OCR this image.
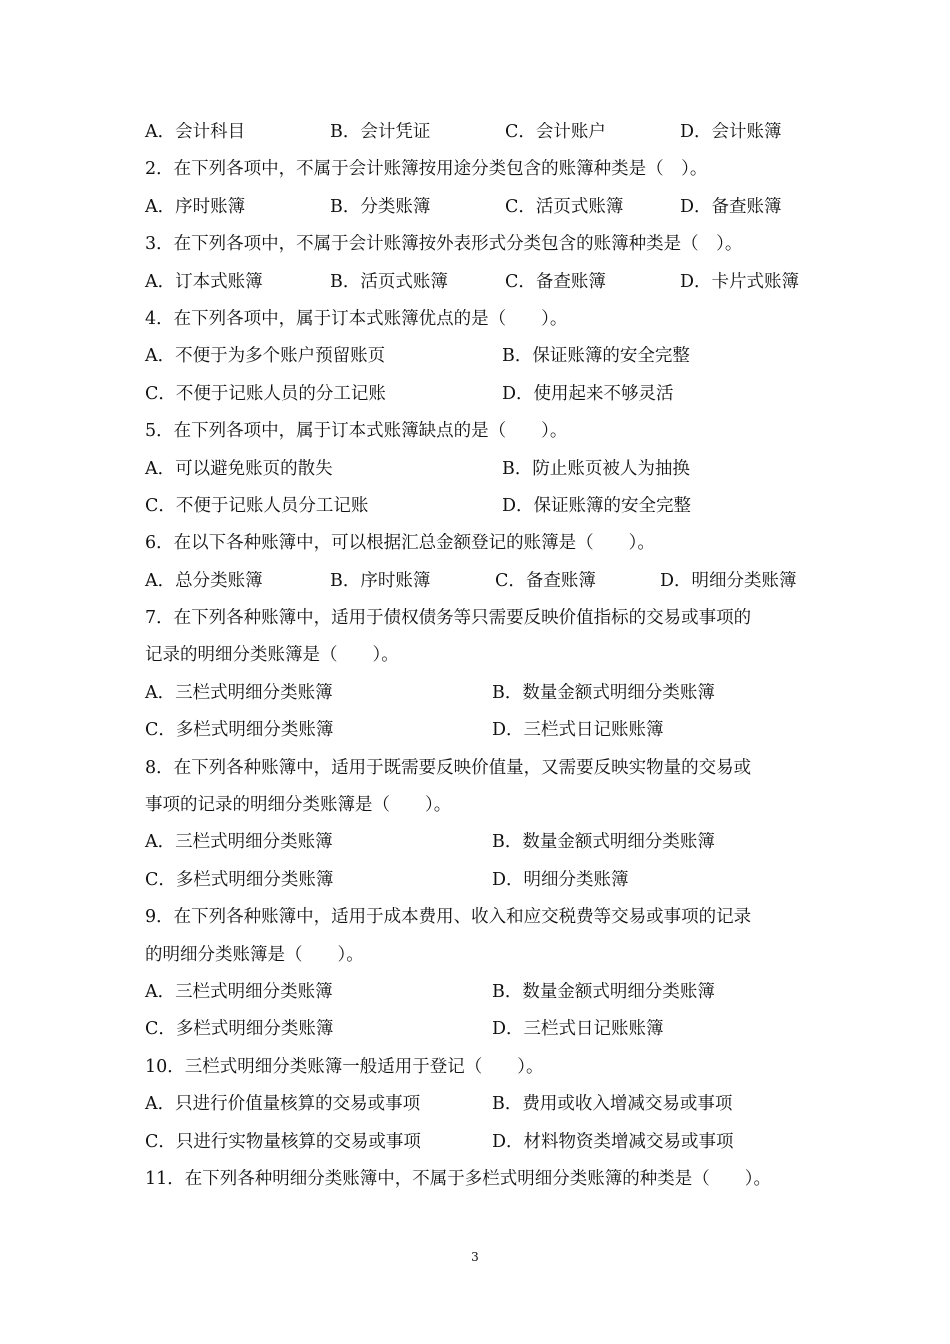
A．会计科目	B．会计凭证	C．会计账户	D．会计账簿
2．在下列各项中，不属于会计账簿按用途分类包含的账簿种类是（　）。
A．序时账簿	B．分类账簿	C．活页式账簿	D．备查账簿
3．在下列各项中，不属于会计账簿按外表形式分类包含的账簿种类是（　）。
A．订本式账簿	B．活页式账簿	C．备查账簿	D．卡片式账簿
4．在下列各项中，属于订本式账簿优点的是（　　）。
A．不便于为多个账户预留账页	B．保证账簿的安全完整
C．不便于记账人员的分工记账	D．使用起来不够灵活
5．在下列各项中，属于订本式账簿缺点的是（　　）。
A．可以避免账页的散失	B．防止账页被人为抽换
C．不便于记账人员分工记账	D．保证账簿的安全完整
6．在以下各种账簿中，可以根据汇总金额登记的账簿是（　　）。
A．总分类账簿	B．序时账簿	C．备查账簿	D．明细分类账簿
7．在下列各种账簿中，适用于债权债务等只需要反映价值指标的交易或事项的
记录的明细分类账簿是（　　）。
A．三栏式明细分类账簿	B．数量金额式明细分类账簿
C．多栏式明细分类账簿	D．三栏式日记账账簿
8．在下列各种账簿中，适用于既需要反映价值量，又需要反映实物量的交易或
事项的记录的明细分类账簿是（　　）。
A．三栏式明细分类账簿	B．数量金额式明细分类账簿
C．多栏式明细分类账簿	D．明细分类账簿
9．在下列各种账簿中，适用于成本费用、收入和应交税费等交易或事项的记录
的明细分类账簿是（　　）。
A．三栏式明细分类账簿	B．数量金额式明细分类账簿
C．多栏式明细分类账簿	D．三栏式日记账账簿
10．三栏式明细分类账簿一般适用于登记（　　）。
A．只进行价值量核算的交易或事项	B．费用或收入增减交易或事项
C．只进行实物量核算的交易或事项	D．材料物资类增减交易或事项
11．在下列各种明细分类账簿中，不属于多栏式明细分类账簿的种类是（　　）。
3
